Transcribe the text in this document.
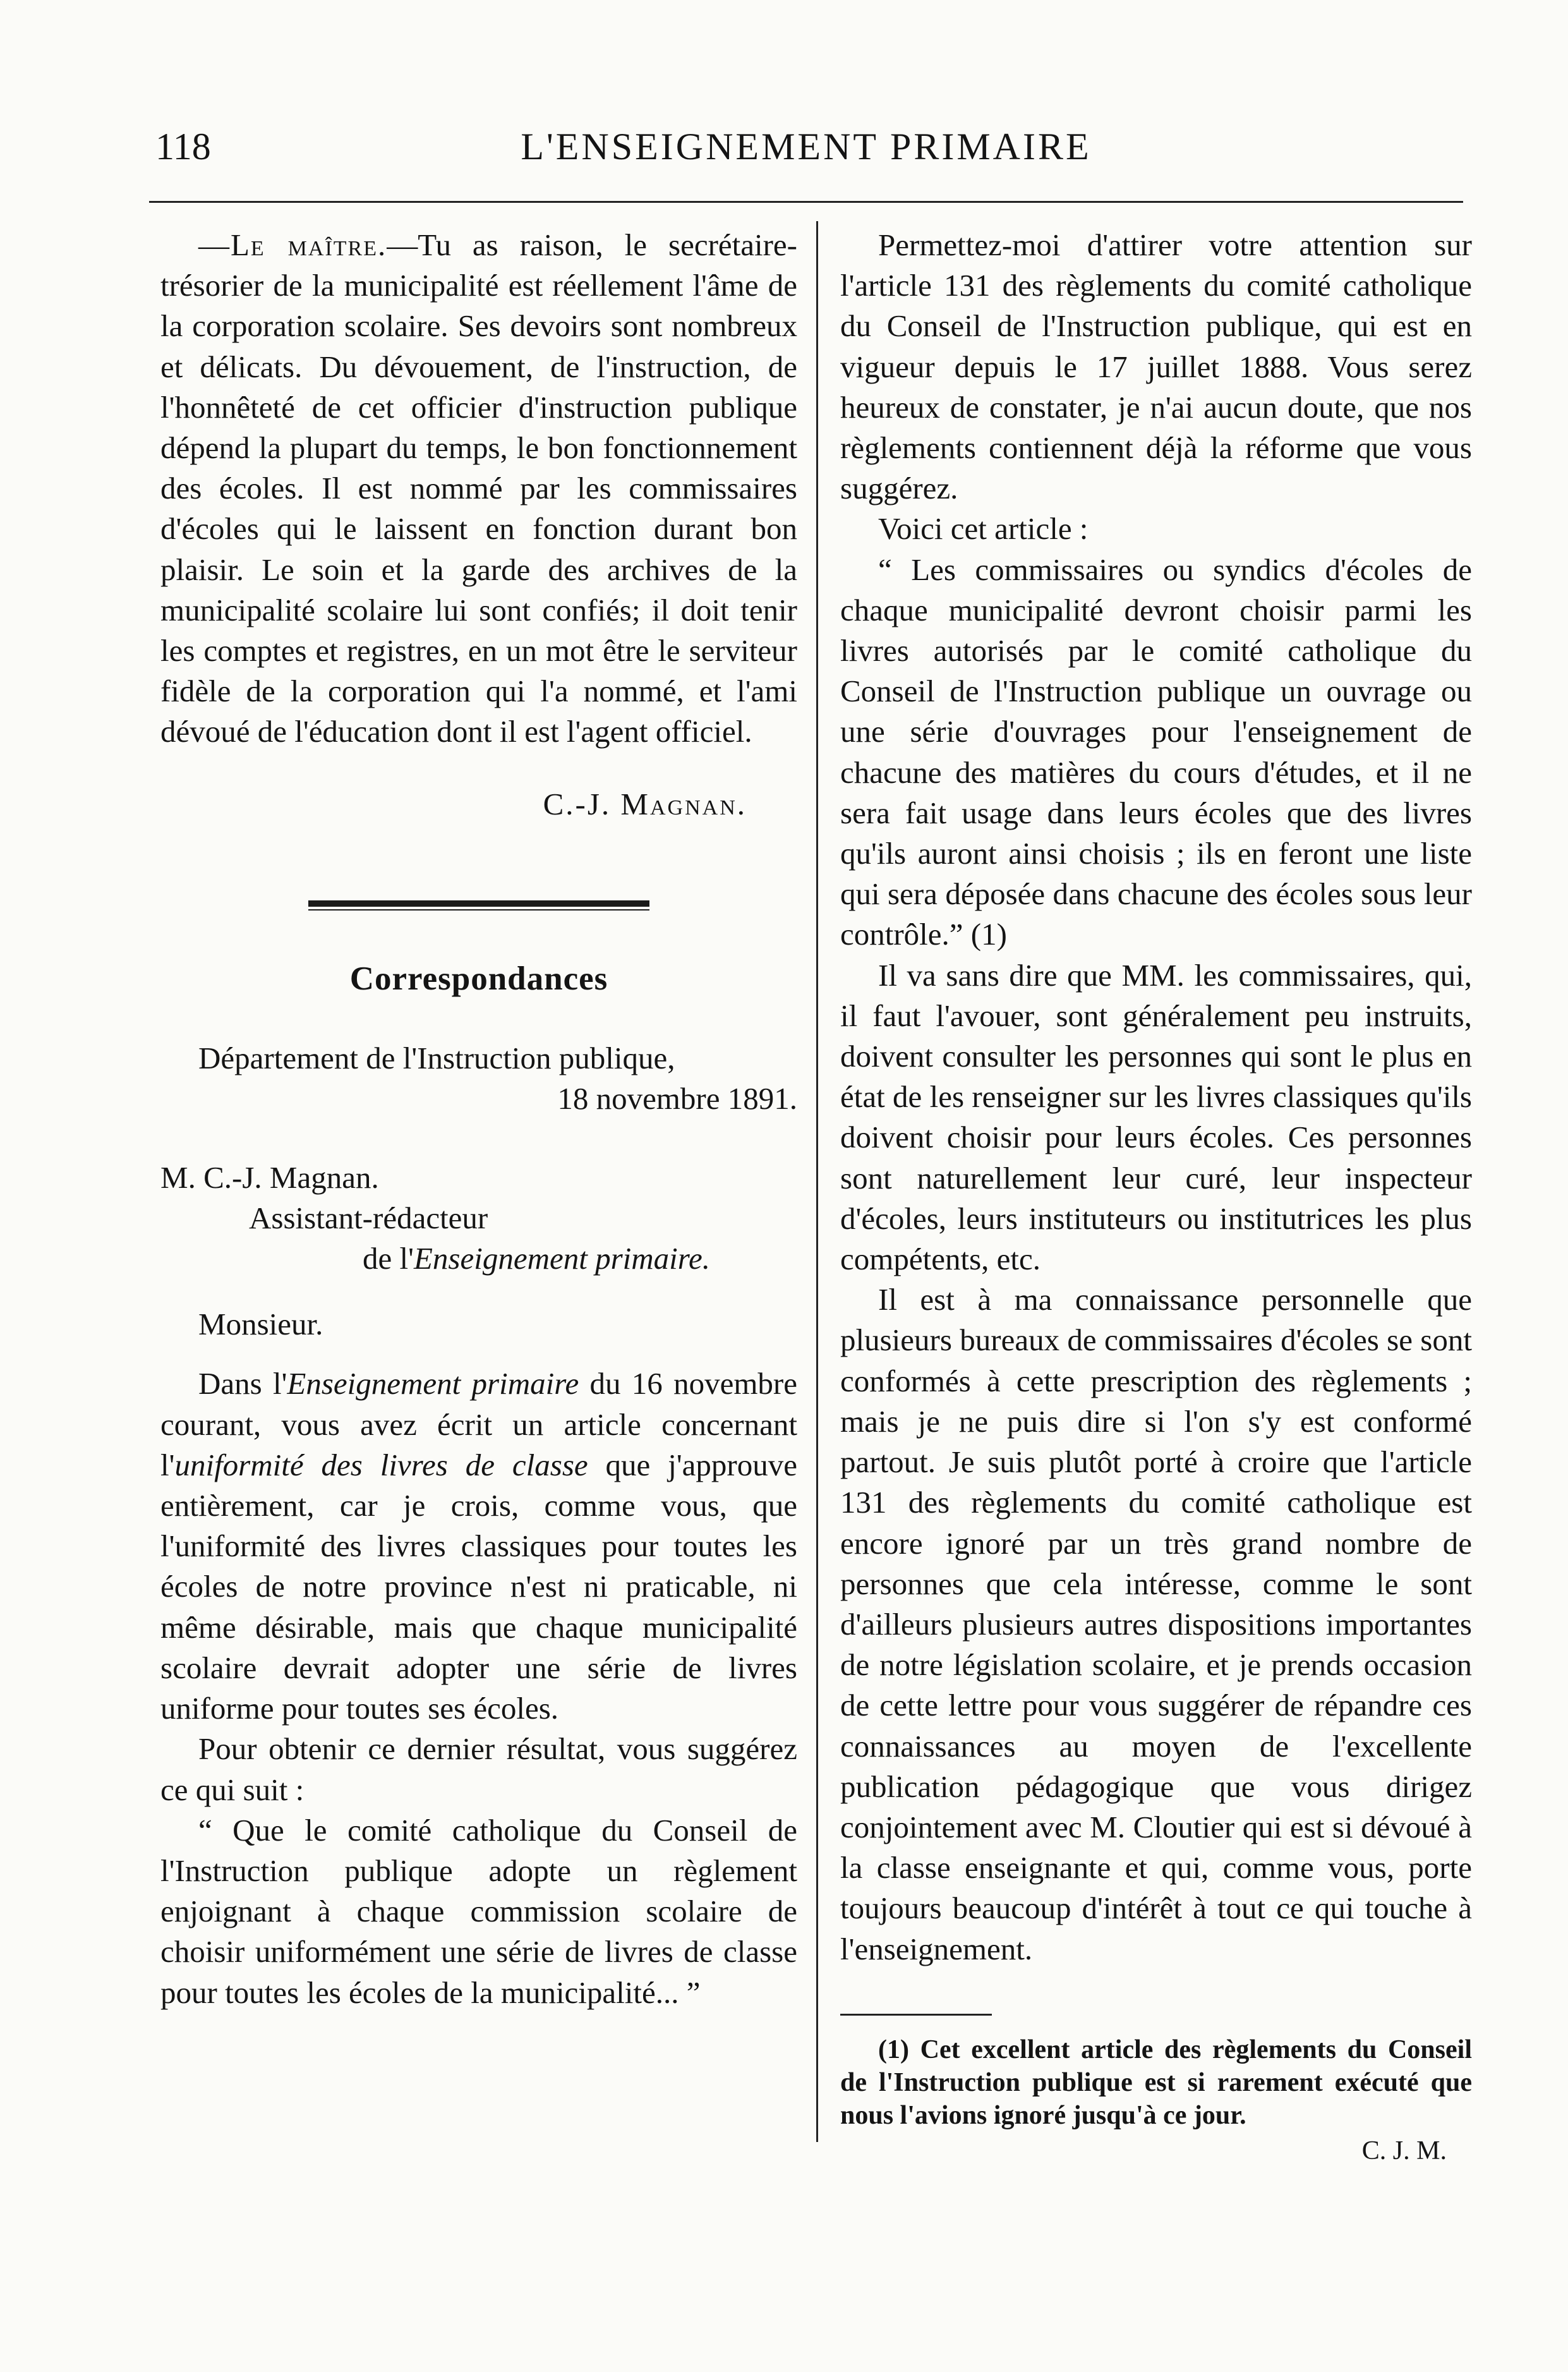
118	L'ENSEIGNEMENT PRIMAIRE

—Le maître.—Tu as raison, le secrétaire-trésorier de la municipalité est réellement l'âme de la corporation scolaire. Ses devoirs sont nombreux et délicats. Du dévouement, de l'instruction, de l'honnêteté de cet officier d'instruction publique dépend la plupart du temps, le bon fonctionnement des écoles. Il est nommé par les commissaires d'écoles qui le laissent en fonction durant bon plaisir. Le soin et la garde des archives de la municipalité scolaire lui sont confiés; il doit tenir les comptes et registres, en un mot être le serviteur fidèle de la corporation qui l'a nommé, et l'ami dévoué de l'éducation dont il est l'agent officiel.

C.-J. Magnan.

Correspondances

Département de l'Instruction publique,

18 novembre 1891.

M. C.-J. Magnan.

Assistant-rédacteur

de l'Enseignement primaire.

Monsieur.

Dans l'Enseignement primaire du 16 novembre courant, vous avez écrit un article concernant l'uniformité des livres de classe que j'approuve entièrement, car je crois, comme vous, que l'uniformité des livres classiques pour toutes les écoles de notre province n'est ni praticable, ni même désirable, mais que chaque municipalité scolaire devrait adopter une série de livres uniforme pour toutes ses écoles.

Pour obtenir ce dernier résultat, vous suggérez ce qui suit :

“ Que le comité catholique du Conseil de l'Instruction publique adopte un règlement enjoignant à chaque commission scolaire de choisir uniformément une série de livres de classe pour toutes les écoles de la municipalité... ”

Permettez-moi d'attirer votre attention sur l'article 131 des règlements du comité catholique du Conseil de l'Instruction publique, qui est en vigueur depuis le 17 juillet 1888. Vous serez heureux de constater, je n'ai aucun doute, que nos règlements contiennent déjà la réforme que vous suggérez.

Voici cet article :

“ Les commissaires ou syndics d'écoles de chaque municipalité devront choisir parmi les livres autorisés par le comité catholique du Conseil de l'Instruction publique un ouvrage ou une série d'ouvrages pour l'enseignement de chacune des matières du cours d'études, et il ne sera fait usage dans leurs écoles que des livres qu'ils auront ainsi choisis ; ils en feront une liste qui sera déposée dans chacune des écoles sous leur contrôle.” (1)

Il va sans dire que MM. les commissaires, qui, il faut l'avouer, sont généralement peu instruits, doivent consulter les personnes qui sont le plus en état de les renseigner sur les livres classiques qu'ils doivent choisir pour leurs écoles. Ces personnes sont naturellement leur curé, leur inspecteur d'écoles, leurs instituteurs ou institutrices les plus compétents, etc.

Il est à ma connaissance personnelle que plusieurs bureaux de commissaires d'écoles se sont conformés à cette prescription des règlements ; mais je ne puis dire si l'on s'y est conformé partout. Je suis plutôt porté à croire que l'article 131 des règlements du comité catholique est encore ignoré par un très grand nombre de personnes que cela intéresse, comme le sont d'ailleurs plusieurs autres dispositions importantes de notre législation scolaire, et je prends occasion de cette lettre pour vous suggérer de répandre ces connaissances au moyen de l'excellente publication pédagogique que vous dirigez conjointement avec M. Cloutier qui est si dévoué à la classe enseignante et qui, comme vous, porte toujours beaucoup d'intérêt à tout ce qui touche à l'enseignement.

(1) Cet excellent article des règlements du Conseil de l'Instruction publique est si rarement exécuté que nous l'avions ignoré jusqu'à ce jour.

C. J. M.
